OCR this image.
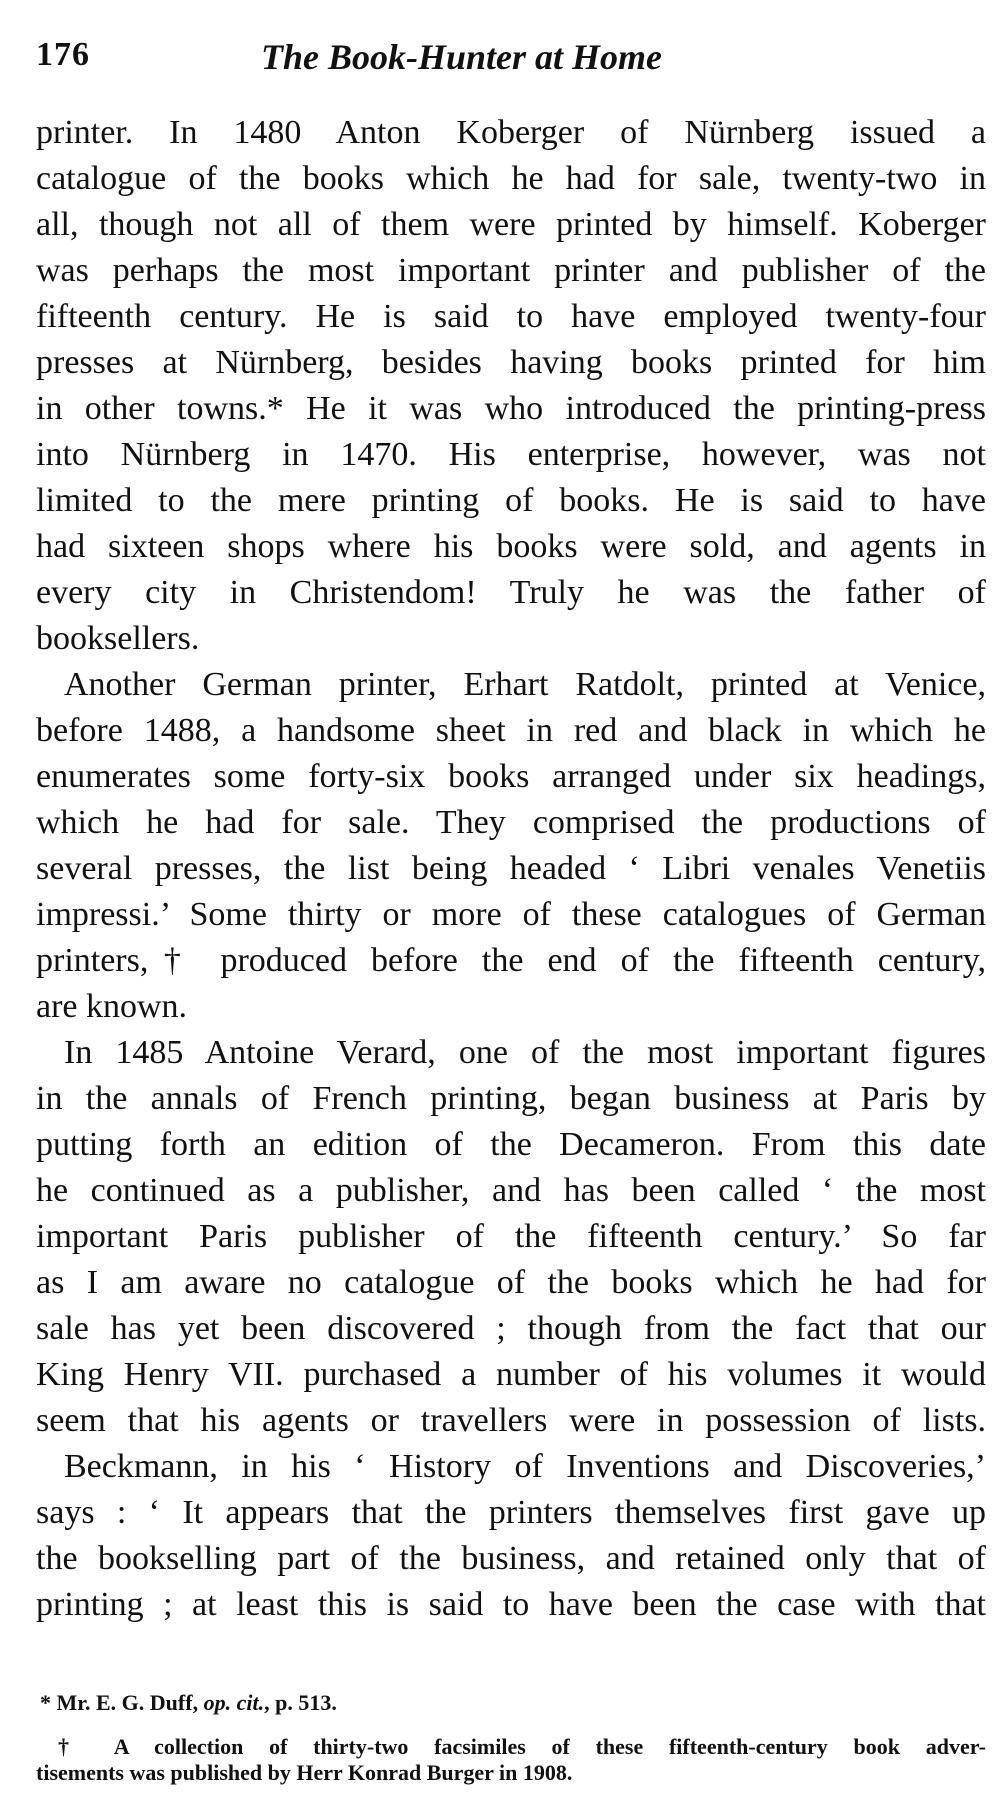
176	The Book-Hunter at Home
printer. In 1480 Anton Koberger of Nürnberg issued a
catalogue of the books which he had for sale, twenty-two in
all, though not all of them were printed by himself. Koberger
was perhaps the most important printer and publisher of the
fifteenth century. He is said to have employed twenty-four
presses at Nürnberg, besides having books printed for him
in other towns.* He it was who introduced the printing-press
into Nürnberg in 1470. His enterprise, however, was not
limited to the mere printing of books. He is said to have
had sixteen shops where his books were sold, and agents in
every city in Christendom! Truly he was the father of
booksellers.
Another German printer, Erhart Ratdolt, printed at Venice,
before 1488, a handsome sheet in red and black in which he
enumerates some forty-six books arranged under six headings,
which he had for sale. They comprised the productions of
several presses, the list being headed ‘ Libri venales Venetiis
impressi.’ Some thirty or more of these catalogues of German
printers,† produced before the end of the fifteenth century,
are known.
In 1485 Antoine Verard, one of the most important figures
in the annals of French printing, began business at Paris by
putting forth an edition of the Decameron. From this date
he continued as a publisher, and has been called ‘ the most
important Paris publisher of the fifteenth century.’ So far
as I am aware no catalogue of the books which he had for
sale has yet been discovered ; though from the fact that our
King Henry VII. purchased a number of his volumes it would
seem that his agents or travellers were in possession of lists.
Beckmann, in his ‘ History of Inventions and Discoveries,’
says : ‘ It appears that the printers themselves first gave up
the bookselling part of the business, and retained only that of
printing ; at least this is said to have been the case with that
* Mr. E. G. Duff, op. cit., p. 513.
† A collection of thirty-two facsimiles of these fifteenth-century book adver-
tisements was published by Herr Konrad Burger in 1908.
